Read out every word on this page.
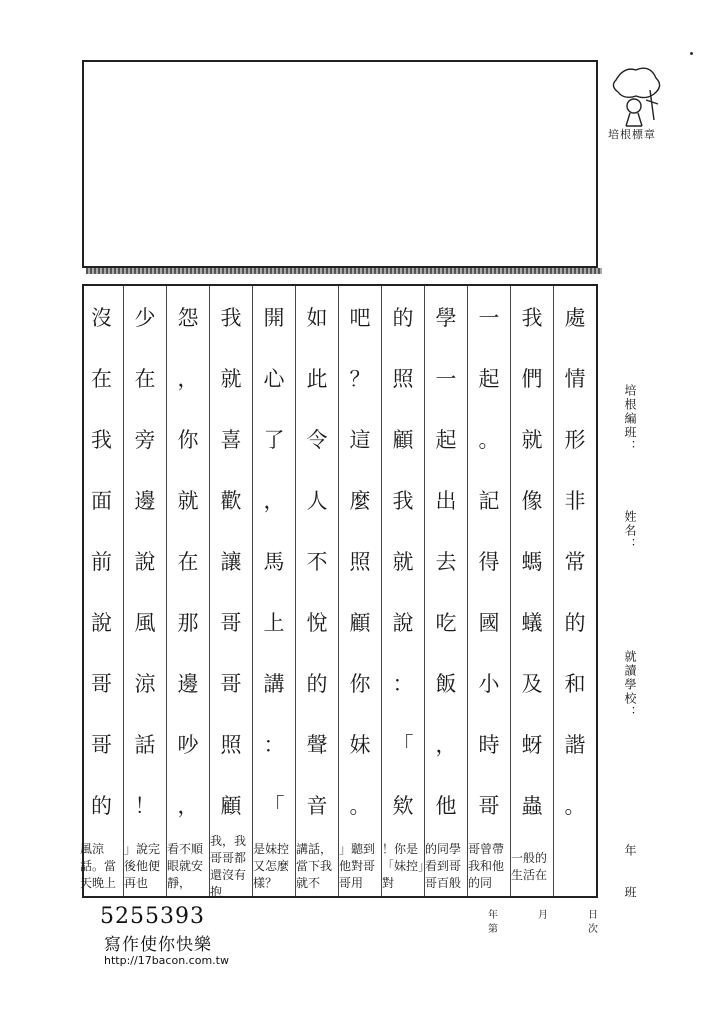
培根標章
處
情
形
非
常
的
和
諧
。
我
們
就
像
螞
蟻
及
蚜
蟲
一般的生活在
一
起
。
記
得
國
小
時
哥
哥曾帶我和他的同
學
一
起
出
去
吃
飯
，
他
的同學看到哥哥百般
的
照
顧
我
就
說
：
「
欸
！你是「妹控」對
吧
？
這
麼
照
顧
你
妹
。
」聽到他對哥哥用
如
此
令
人
不
悅
的
聲
音
講話，當下我就不
開
心
了
，
馬
上
講
：
「
是妹控又怎麼樣？
我
就
喜
歡
讓
哥
哥
照
顧
我，我哥哥都還沒有抱
怨
，
你
就
在
那
邊
吵
，
看不順眼就安靜，
少
在
旁
邊
說
風
涼
話
！
」說完後他便再也
沒
在
我
面
前
說
哥
哥
的
風涼話。當天晚上
培根編班：
姓名：
就讀學校：
年　　班
年	月	日
第	次
5255393
寫作使你快樂
http://17bacon.com.tw
